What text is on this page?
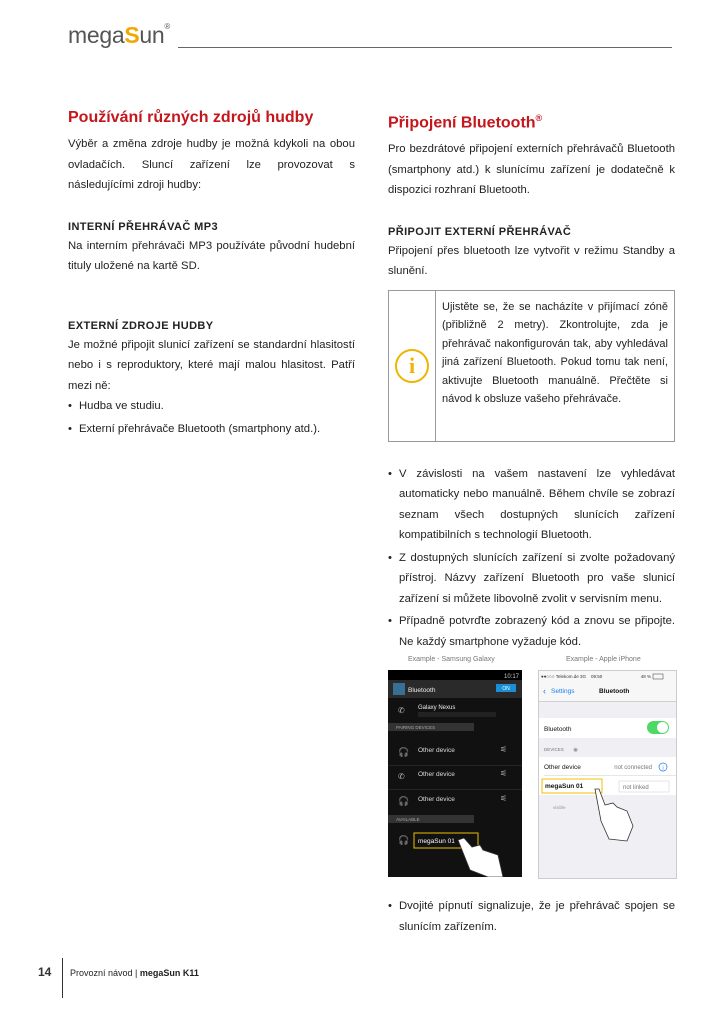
megaSun®
Používání různých zdrojů hudby

Výběr a změna zdroje hudby je možná kdykoli na obou ovladačích. Sluncí zařízení lze provozovat s následujícími zdroji hudby:

INTERNÍ PŘEHRÁVAČ MP3

Na interním přehrávači MP3 používáte původní hudební tituly uložené na kartě SD.

EXTERNÍ ZDROJE HUDBY

Je možné připojit slunicí zařízení se standardní hlasitostí nebo i s reproduktory, které mají malou hlasitost. Patří mezi ně:

• Hudba ve studiu.
• Externí přehrávače Bluetooth (smartphony atd.).
Připojení Bluetooth®

Pro bezdrátové připojení externích přehrávačů Bluetooth (smartphony atd.) k slunícímu zařízení je dodatečně k dispozici rozhraní Bluetooth.

PŘIPOJIT EXTERNÍ PŘEHRÁVAČ

Připojení přes bluetooth lze vytvořit v režimu Standby a slunění.

i

Ujistěte se, že se nacházíte v přijímací zóně (přibližně 2 metry). Zkontrolujte, zda je přehrávač nakonfigurován tak, aby vyhledával jiná zařízení Bluetooth. Pokud tomu tak není, aktivujte Bluetooth manuálně. Přečtěte si návod k obsluze vašeho přehrávače.

• V závislosti na vašem nastavení lze vyhledávat automaticky nebo manuálně. Během chvíle se zobrazí seznam všech dostupných slunících zařízení kompatibilních s technologií Bluetooth.
• Z dostupných slunících zařízení si zvolte požadovaný přístroj. Názvy zařízení Bluetooth pro vaše slunicí zařízení si můžete libovolně zvolit v servisním menu.
• Případně potvrďte zobrazený kód a znovu se připojte. Ne každý smartphone vyžaduje kód.
Example - Samsung Galaxy	Example - Apple iPhone
10:17
Bluetooth	ON
✆ Galaxy Nexus
PAIRING DEVICES
🎧 Other device	⚟
✆ Other device	⚟
🎧 Other device	⚟
AVAILABLE
🎧 megaSun 01
●●○○○ Telekom.de 3G 09:50	48 %
‹ Settings	Bluetooth
Bluetooth
DEVICES ✺
Other device	not connected i
megaSun 01	not linked
visible
• Dvojité pípnutí signalizuje, že je přehrávač spojen se slunícím zařízením.
14 Provozní návod | megaSun K11
